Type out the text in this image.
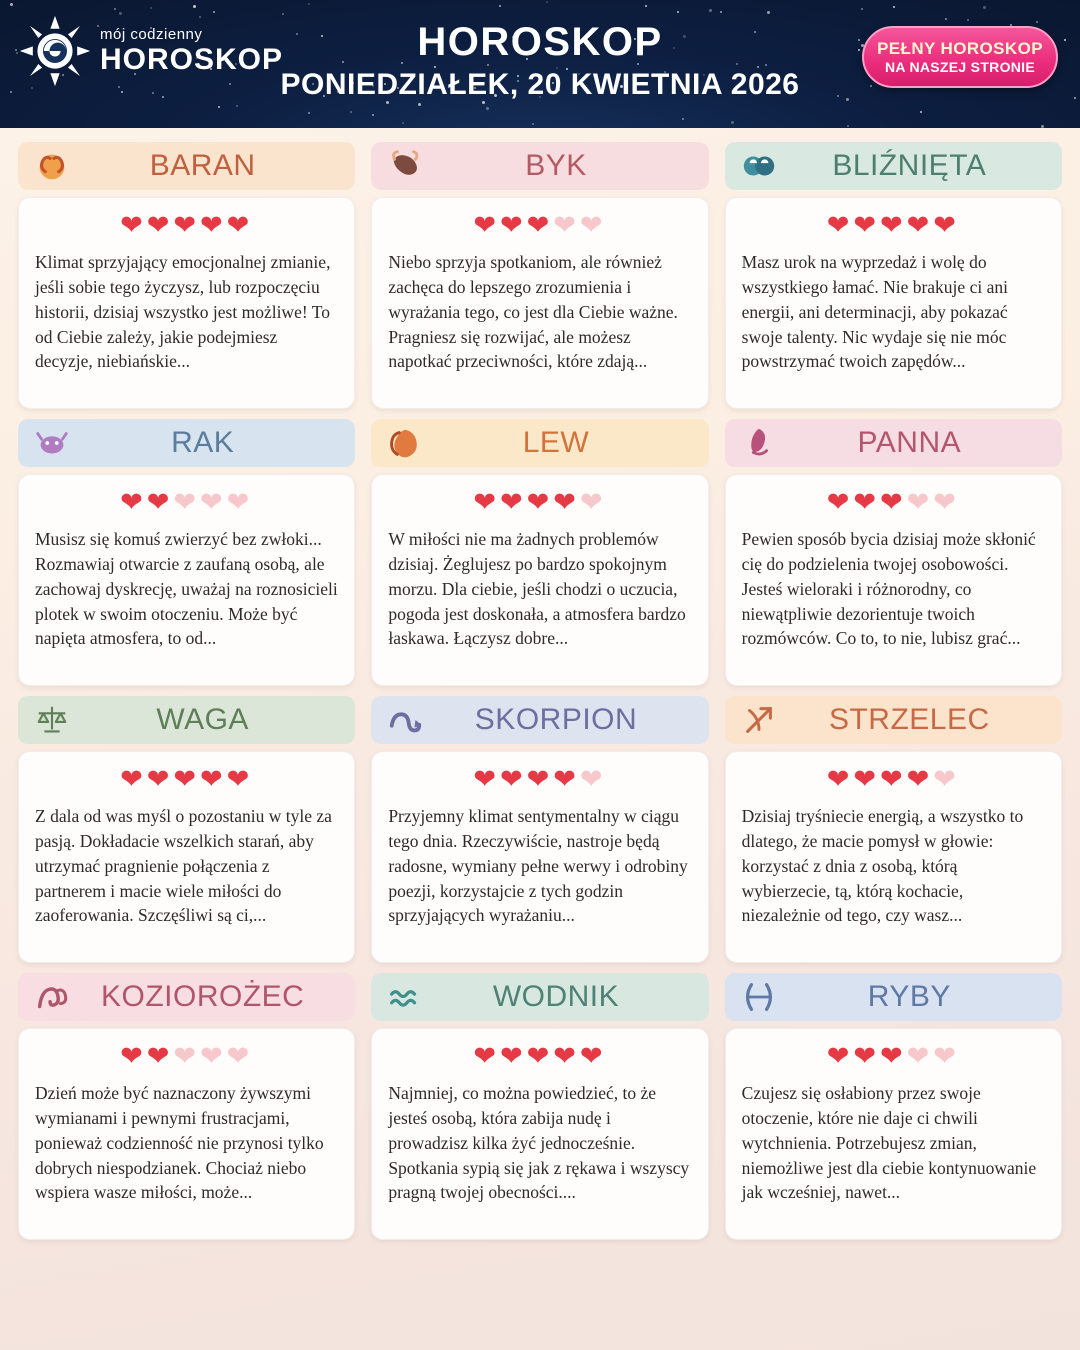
mój codzienny
HOROSKOP	HOROSKOP
PONIEDZIAŁEK, 20 KWIETNIA 2026
PEŁNY HOROSKOP
NA NASZEJ STRONIE
BARAN
❤❤❤❤❤
Klimat sprzyjający emocjonalnej zmianie, jeśli sobie tego życzysz, lub rozpoczęciu historii, dzisiaj wszystko jest możliwe! To od Ciebie zależy, jakie podejmiesz decyzje, niebiańskie...
BYK
❤❤❤❤❤
Niebo sprzyja spotkaniom, ale również zachęca do lepszego zrozumienia i wyrażania tego, co jest dla Ciebie ważne. Pragniesz się rozwijać, ale możesz napotkać przeciwności, które zdają...
BLIŹNIĘTA
❤❤❤❤❤
Masz urok na wyprzedaż i wolę do wszystkiego łamać. Nie brakuje ci ani energii, ani determinacji, aby pokazać swoje talenty. Nic wydaje się nie móc powstrzymać twoich zapędów...
RAK
❤❤❤❤❤
Musisz się komuś zwierzyć bez zwłoki... Rozmawiaj otwarcie z zaufaną osobą, ale zachowaj dyskrecję, uważaj na roznosicieli plotek w swoim otoczeniu. Może być napięta atmosfera, to od...
LEW
❤❤❤❤❤
W miłości nie ma żadnych problemów dzisiaj. Żeglujesz po bardzo spokojnym morzu. Dla ciebie, jeśli chodzi o uczucia, pogoda jest doskonała, a atmosfera bardzo łaskawa. Łączysz dobre...
PANNA
❤❤❤❤❤
Pewien sposób bycia dzisiaj może skłonić cię do podzielenia twojej osobowości. Jesteś wieloraki i różnorodny, co niewątpliwie dezorientuje twoich rozmówców. Co to, to nie, lubisz grać...
WAGA
❤❤❤❤❤
Z dala od was myśl o pozostaniu w tyle za pasją. Dokładacie wszelkich starań, aby utrzymać pragnienie połączenia z partnerem i macie wiele miłości do zaoferowania. Szczęśliwi są ci,...
SKORPION
❤❤❤❤❤
Przyjemny klimat sentymentalny w ciągu tego dnia. Rzeczywiście, nastroje będą radosne, wymiany pełne werwy i odrobiny poezji, korzystajcie z tych godzin sprzyjających wyrażaniu...
STRZELEC
❤❤❤❤❤
Dzisiaj tryśniecie energią, a wszystko to dlatego, że macie pomysł w głowie: korzystać z dnia z osobą, którą wybierzecie, tą, którą kochacie, niezależnie od tego, czy wasz...
KOZIOROŻEC
❤❤❤❤❤
Dzień może być naznaczony żywszymi wymianami i pewnymi frustracjami, ponieważ codzienność nie przynosi tylko dobrych niespodzianek. Chociaż niebo wspiera wasze miłości, może...
WODNIK
❤❤❤❤❤
Najmniej, co można powiedzieć, to że jesteś osobą, która zabija nudę i prowadzisz kilka żyć jednocześnie. Spotkania sypią się jak z rękawa i wszyscy pragną twojej obecności....
RYBY
❤❤❤❤❤
Czujesz się osłabiony przez swoje otoczenie, które nie daje ci chwili wytchnienia. Potrzebujesz zmian, niemożliwe jest dla ciebie kontynuowanie jak wcześniej, nawet...
